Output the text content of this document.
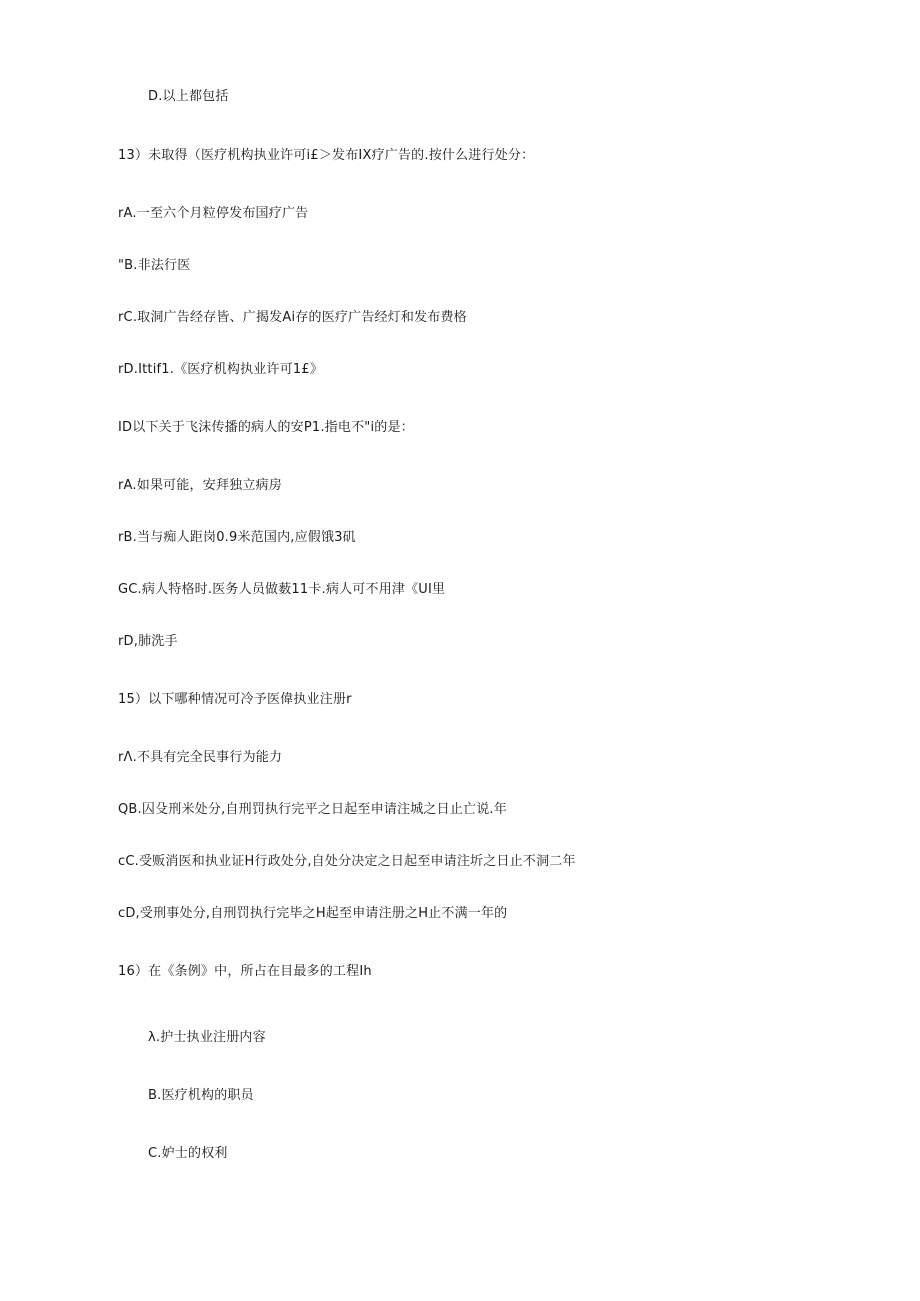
D.以上都包括
13）未取得（医疗机构执业许可i£＞发布IX疗广告的.按什么进行处分：
rA.一至六个月粒停发布国疗广告
"B.非法行医
rC.取洞广告经存皆、广揭发Ai存的医疗广告经灯和发布费格
rD.Ittif1.《医疗机构执业许可1£》
ID以下关于飞沫传播的病人的安P1.指电不"i的是：
rA.如果可能，安拜独立病房
rB.当与痴人距岗0.9米范国内,应假饿3矶
GC.病人特格时.医务人员做薮11卡.病人可不用津《UI里
rD,肺洗手
15）以下哪种情况可冷予医偉执业注册r
rΛ.不具有完全民事行为能力
QB.囚殳刑米处分,自刑罚执行完平之日起至申请注城之日止亡说.年
cC.受贩消医和执业证H行政处分,自处分决定之日起至申请注圻之日止不洞二年
cD,受刑事处分,自刑罚执行完毕之H起至申请注册之H止不满一年的
16）在《条例》中，所占在目最多的工程Ih
λ.护士执业注册内容
B.医疗机构的职员
C.妒士的权利
